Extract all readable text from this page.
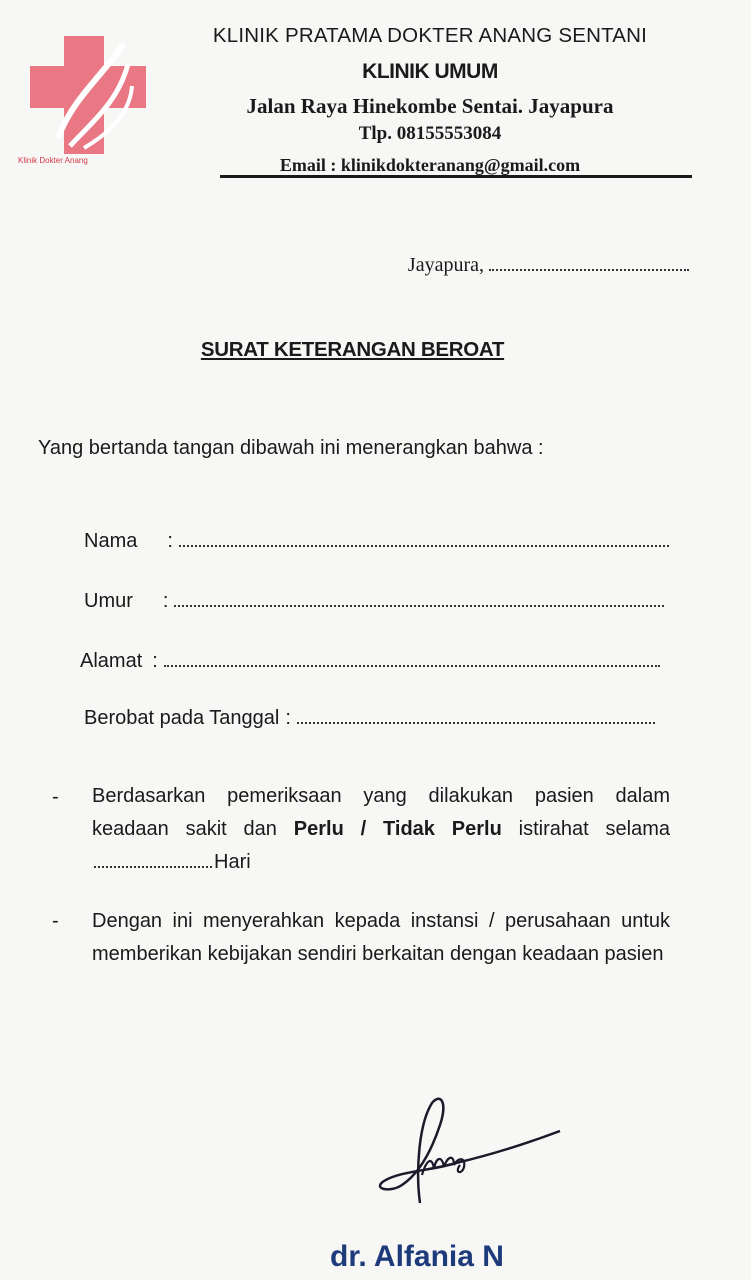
Klinik Dokter Anang
KLINIK PRATAMA DOKTER ANANG SENTANI
KLINIK UMUM
Jalan Raya Hinekombe Sentai. Jayapura
Tlp. 08155553084
Email : klinikdokteranang@gmail.com
Jayapura,
SURAT KETERANGAN BEROAT
Yang bertanda tangan dibawah ini menerangkan bahwa :
Nama :
Umur :
Alamat :
Berobat pada Tanggal :
- Berdasarkan pemeriksaan yang dilakukan pasien dalam keadaan sakit dan Perlu / Tidak Perlu istirahat selamaHari
- Dengan ini menyerahkan kepada instansi / perusahaan untuk memberikan kebijakan sendiri berkaitan dengan keadaan pasien
dr. Alfania N
